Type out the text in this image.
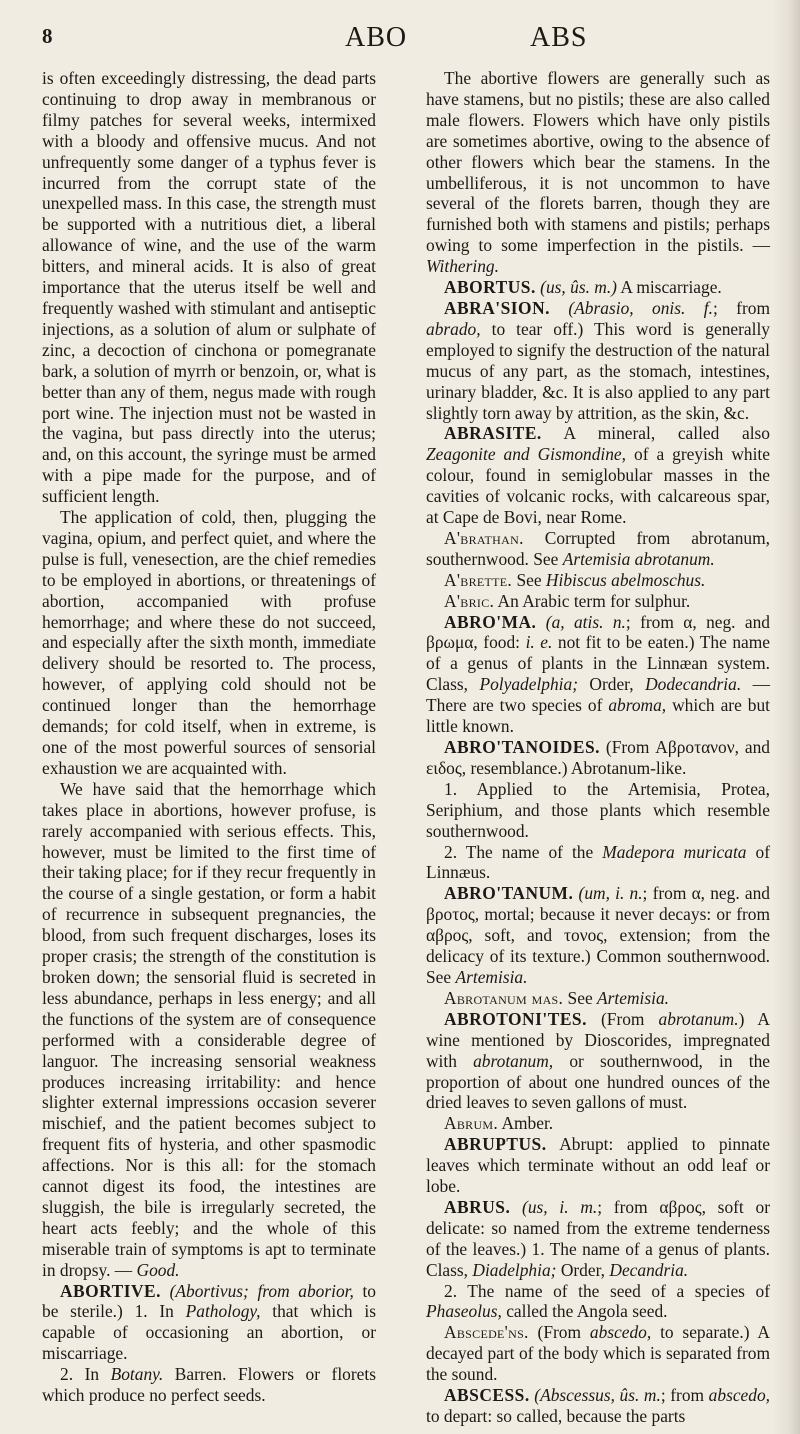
8	ABO	ABS

is often exceedingly distressing, the dead parts continuing to drop away in membranous or filmy patches for several weeks, intermixed with a bloody and offensive mucus. And not unfrequently some danger of a typhus fever is incurred from the corrupt state of the unexpelled mass. In this case, the strength must be supported with a nutritious diet, a liberal allowance of wine, and the use of the warm bitters, and mineral acids. It is also of great importance that the uterus itself be well and frequently washed with stimulant and antiseptic injections, as a solution of alum or sulphate of zinc, a decoction of cinchona or pomegranate bark, a solution of myrrh or benzoin, or, what is better than any of them, negus made with rough port wine. The injection must not be wasted in the vagina, but pass directly into the uterus; and, on this account, the syringe must be armed with a pipe made for the purpose, and of sufficient length.

The application of cold, then, plugging the vagina, opium, and perfect quiet, and where the pulse is full, venesection, are the chief remedies to be employed in abortions, or threatenings of abortion, accompanied with profuse hemorrhage; and where these do not succeed, and especially after the sixth month, immediate delivery should be resorted to. The process, however, of applying cold should not be continued longer than the hemorrhage demands; for cold itself, when in extreme, is one of the most powerful sources of sensorial exhaustion we are acquainted with.

We have said that the hemorrhage which takes place in abortions, however profuse, is rarely accompanied with serious effects. This, however, must be limited to the first time of their taking place; for if they recur frequently in the course of a single gestation, or form a habit of recurrence in subsequent pregnancies, the blood, from such frequent discharges, loses its proper crasis; the strength of the constitution is broken down; the sensorial fluid is secreted in less abundance, perhaps in less energy; and all the functions of the system are of consequence performed with a considerable degree of languor. The increasing sensorial weakness produces increasing irritability: and hence slighter external impressions occasion severer mischief, and the patient becomes subject to frequent fits of hysteria, and other spasmodic affections. Nor is this all: for the stomach cannot digest its food, the intestines are sluggish, the bile is irregularly secreted, the heart acts feebly; and the whole of this miserable train of symptoms is apt to terminate in dropsy. — Good.

ABORTIVE. (Abortivus; from aborior, to be sterile.) 1. In Pathology, that which is capable of occasioning an abortion, or miscarriage.

2. In Botany. Barren. Flowers or florets which produce no perfect seeds.

The abortive flowers are generally such as have stamens, but no pistils; these are also called male flowers. Flowers which have only pistils are sometimes abortive, owing to the absence of other flowers which bear the stamens. In the umbelliferous, it is not uncommon to have several of the florets barren, though they are furnished both with stamens and pistils; perhaps owing to some imperfection in the pistils. — Withering.

ABORTUS. (us, ûs. m.) A miscarriage.

ABRA'SION. (Abrasio, onis. f.; from abrado, to tear off.) This word is generally employed to signify the destruction of the natural mucus of any part, as the stomach, intestines, urinary bladder, &c. It is also applied to any part slightly torn away by attrition, as the skin, &c.

ABRASITE. A mineral, called also Zeagonite and Gismondine, of a greyish white colour, found in semiglobular masses in the cavities of volcanic rocks, with calcareous spar, at Cape de Bovi, near Rome.

A'brathan. Corrupted from abrotanum, southernwood. See Artemisia abrotanum.

A'brette. See Hibiscus abelmoschus.

A'bric. An Arabic term for sulphur.

ABRO'MA. (a, atis. n.; from α, neg. and βρωμα, food: i. e. not fit to be eaten.) The name of a genus of plants in the Linnæan system. Class, Polyadelphia; Order, Dodecandria. — There are two species of abroma, which are but little known.

ABRO'TANOIDES. (From Αβροτανον, and ειδος, resemblance.) Abrotanum-like.

1. Applied to the Artemisia, Protea, Seriphium, and those plants which resemble southernwood.

2. The name of the Madepora muricata of Linnæus.

ABRO'TANUM. (um, i. n.; from α, neg. and βροτος, mortal; because it never decays: or from αβρος, soft, and τονος, extension; from the delicacy of its texture.) Common southernwood. See Artemisia.

Abrotanum mas. See Artemisia.

ABROTONI'TES. (From abrotanum.) A wine mentioned by Dioscorides, impregnated with abrotanum, or southernwood, in the proportion of about one hundred ounces of the dried leaves to seven gallons of must.

Abrum. Amber.

ABRUPTUS. Abrupt: applied to pinnate leaves which terminate without an odd leaf or lobe.

ABRUS. (us, i. m.; from αβρος, soft or delicate: so named from the extreme tenderness of the leaves.) 1. The name of a genus of plants. Class, Diadelphia; Order, Decandria.

2. The name of the seed of a species of Phaseolus, called the Angola seed.

Abscede'ns. (From abscedo, to separate.) A decayed part of the body which is separated from the sound.

ABSCESS. (Abscessus, ûs. m.; from abscedo, to depart: so called, because the parts
